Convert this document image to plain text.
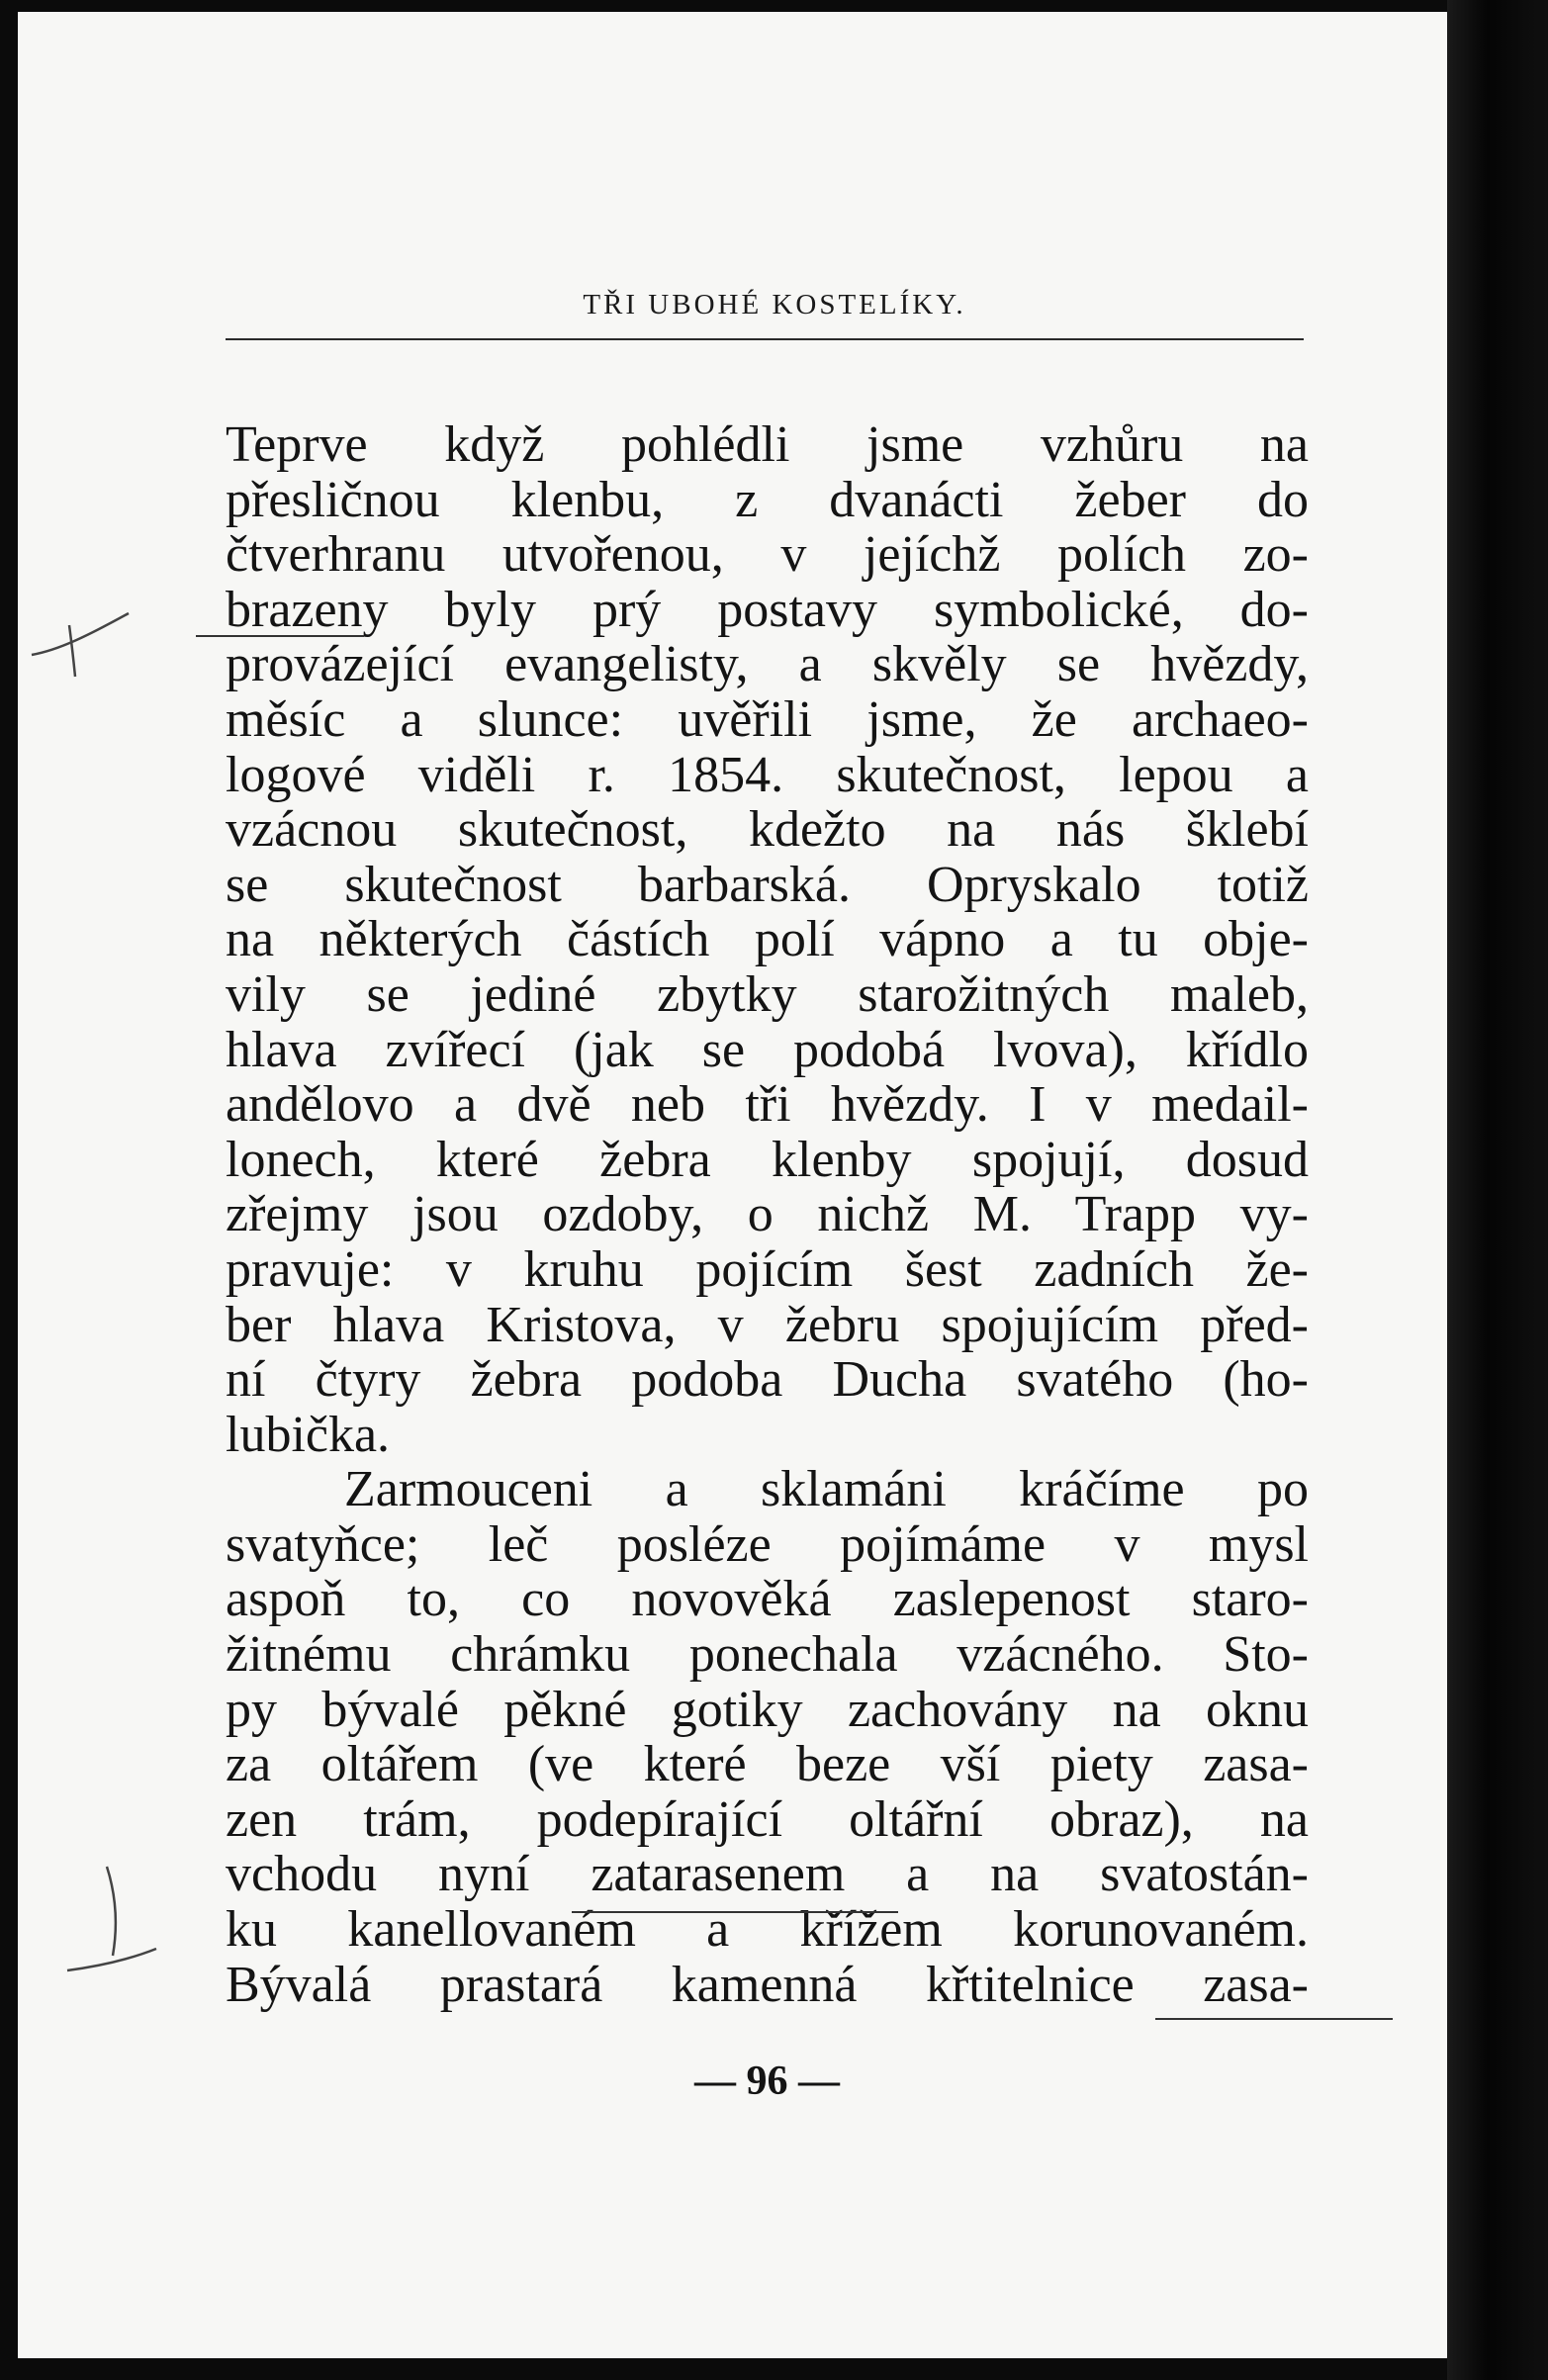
TŘI UBOHÉ KOSTELÍKY.
Teprve když pohlédli jsme vzhůru na
přesličnou klenbu, z dvanácti žeber do
čtverhranu utvořenou, v jejíchž polích zo-
brazeny byly prý postavy symbolické, do-
provázející evangelisty, a skvěly se hvězdy,
měsíc a slunce: uvěřili jsme, že archaeo-
logové viděli r. 1854. skutečnost, lepou a
vzácnou skutečnost, kdežto na nás šklebí
se skutečnost barbarská. Opryskalo totiž
na některých částích polí vápno a tu obje-
vily se jediné zbytky starožitných maleb,
hlava zvířecí (jak se podobá lvova), křídlo
andělovo a dvě neb tři hvězdy. I v medail-
lonech, které žebra klenby spojují, dosud
zřejmy jsou ozdoby, o nichž M. Trapp vy-
pravuje: v kruhu pojícím šest zadních že-
ber hlava Kristova, v žebru spojujícím před-
ní čtyry žebra podoba Ducha svatého (ho-
lubička.
Zarmouceni a sklamáni kráčíme po
svatyňce; leč posléze pojímáme v mysl
aspoň to, co novověká zaslepenost staro-
žitnému chrámku ponechala vzácného. Sto-
py bývalé pěkné gotiky zachovány na oknu
za oltářem (ve které beze vší piety zasa-
zen trám, podepírající oltářní obraz), na
vchodu nyní zatarasenem a na svatostán-
ku kanellovaném a křížem korunovaném.
Bývalá prastará kamenná křtitelnice zasa-
— 96 —
